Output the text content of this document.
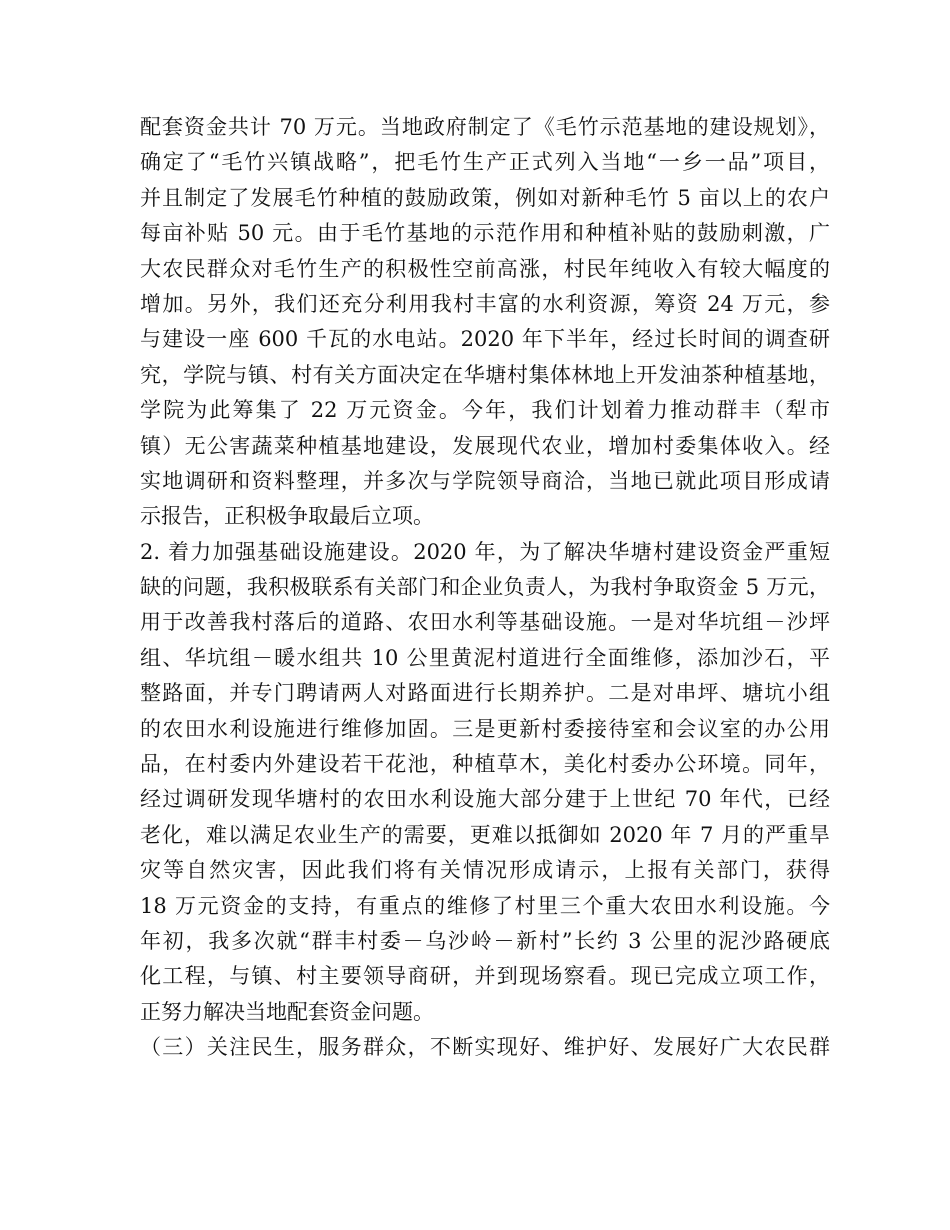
配套资金共计 70 万元。当地政府制定了《毛竹示范基地的建设规划》，
确定了“毛竹兴镇战略”，把毛竹生产正式列入当地“一乡一品”项目，
并且制定了发展毛竹种植的鼓励政策，例如对新种毛竹 5 亩以上的农户
每亩补贴 50 元。由于毛竹基地的示范作用和种植补贴的鼓励刺激，广
大农民群众对毛竹生产的积极性空前高涨，村民年纯收入有较大幅度的
增加。另外，我们还充分利用我村丰富的水利资源，筹资 24 万元，参
与建设一座 600 千瓦的水电站。2020 年下半年，经过长时间的调查研
究，学院与镇、村有关方面决定在华塘村集体林地上开发油茶种植基地，
学院为此筹集了 22 万元资金。今年，我们计划着力推动群丰（犁市
镇）无公害蔬菜种植基地建设，发展现代农业，增加村委集体收入。经
实地调研和资料整理，并多次与学院领导商洽，当地已就此项目形成请
示报告，正积极争取最后立项。
2. 着力加强基础设施建设。2020 年，为了解决华塘村建设资金严重短
缺的问题，我积极联系有关部门和企业负责人，为我村争取资金 5 万元，
用于改善我村落后的道路、农田水利等基础设施。一是对华坑组－沙坪
组、华坑组－暖水组共 10 公里黄泥村道进行全面维修，添加沙石，平
整路面，并专门聘请两人对路面进行长期养护。二是对串坪、塘坑小组
的农田水利设施进行维修加固。三是更新村委接待室和会议室的办公用
品，在村委内外建设若干花池，种植草木，美化村委办公环境。同年，
经过调研发现华塘村的农田水利设施大部分建于上世纪 70 年代，已经
老化，难以满足农业生产的需要，更难以抵御如 2020 年 7 月的严重旱
灾等自然灾害，因此我们将有关情况形成请示，上报有关部门，获得
18 万元资金的支持，有重点的维修了村里三个重大农田水利设施。今
年初，我多次就“群丰村委－乌沙岭－新村”长约 3 公里的泥沙路硬底
化工程，与镇、村主要领导商研，并到现场察看。现已完成立项工作，
正努力解决当地配套资金问题。
（三）关注民生，服务群众，不断实现好、维护好、发展好广大农民群
